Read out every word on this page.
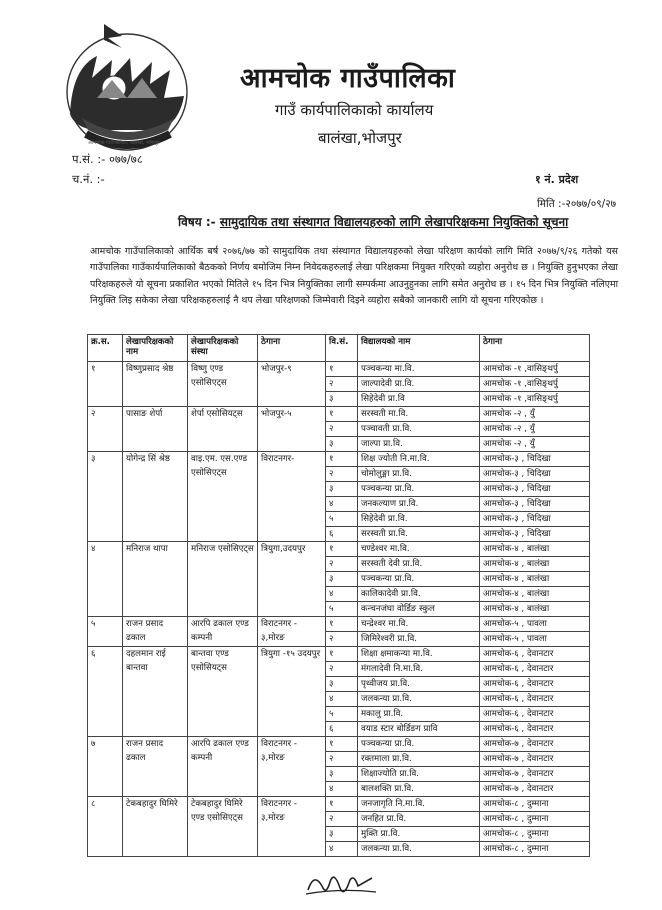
आमचोक गाउँपालिका, बालंखा, भोजपुर
आमचोक गाउँपालिका
गाउँ कार्यपालिकाको कार्यालय
बालंखा,भोजपुर
प.सं. :- ०७७/७८
च.नं. :-	१ नं. प्रदेश
मिति :-२०७७/०९/२७
विषय :- सामुदायिक तथा संस्थागत विद्यालयहरुको लागि लेखापरिक्षकमा नियुक्तिको सूचना
आमचोक गाउँपालिकाको आर्थिक बर्ष २०७६/७७ को सामुदायिक तथा संस्थागत विद्यालयहरुको लेखा परिक्षण कार्यको लागि मिति २०७७/९/२६ गतेको यस गाउँपालिका गाउँकार्यपालिकाको बैठकको निर्णय बमोजिम निम्न निवेदकहरुलाई लेखा परिक्षकमा नियुक्त गरिएको व्यहोरा अनुरोध छ । नियुक्ति हुनुभएका लेखा परिक्षकहरुले यो सूचना प्रकाशित भएको मितिले १५ दिन भित्र नियुक्तिका लागी सम्पर्कमा आउनुहुनका लागि समेत अनुरोध छ । १५ दिन भित्र नियुक्ति नलिएमा नियुक्ति लिइ सकेका लेखा परिक्षकहरुलाई नै थप लेखा परिक्षणको जिम्मेवारी दिइने व्यहोरा सबैको जानकारी लागि यो सूचना गरिएकोछ ।
क्र.स.	लेखापरिक्षकको नाम	लेखापरिक्षकको संस्था	ठेगाना	वि.सं.	विद्यालयको नाम	ठेगाना
१	विष्णुप्रसाद श्रेष्ठ	विष्णु एण्ड एसोसिएट्स	भोजपुर-९	१	पञ्चकन्या मा.वि.	आमचोक -१ ,वासिङ्थर्पु
				२	जाल्पादेवी प्रा.वि.	आमचोक -१ ,वासिङ्थर्पु
				३	सिहेदेवी प्रा.वि	आमचोक -१ ,वासिङ्थर्पु
२	पासाङ शेर्पा	शेर्पा एसोसियट्स	भोजपुर-५	१	सरस्वती मा.वि.	आमचोक -२ , युँ
				२	पञ्चावती प्रा.वि.	आमचोक -२ , युँ
				३	जाल्पा प्रा.वि.	आमचोक -२ , युँ
३	योगेन्द्र सिं श्रेष्ठ	वाइ.एम. एस.एण्ड एसोसिएट्स	विराटनगर-	१	शिक्ष ज्योती नि.मा.वि.	आमचोक-३ , चिदिखा
				२	चोमोलुङ्मा प्रा.वि.	आमचोक-३ , चिदिखा
				३	पञ्चकन्या प्रा.वि.	आमचोक-३ , चिदिखा
				४	जनकल्याण प्रा.वि.	आमचोक-३ , चिदिखा
				५	सिहेदेवी प्रा.वि.	आमचोक-३ , चिदिखा
				६	सरस्वती प्रा.वि.	आमचोक-३ , चिदिखा
४	मनिराज थापा	मनिराज एसोसिएट्स	त्रियुगा,उदयपुर	१	चण्डेश्वर मा.वि.	आमचोक-४ , बालंखा
				२	सरस्वती देवी प्रा.वि.	आमचोक-४ , बालंखा
				३	पञ्चकन्या प्रा.वि.	आमचोक-४ , बालंखा
				४	कालिकादेवी प्रा.वि.	आमचोक-४ , बालंखा
				५	कन्चनजंघा वोर्डिङ स्कुल	आमचोक-४ , बालंखा
५	राजन प्रसाद ढकाल	आरपि ढकाल एण्ड कम्पनी	विराटनगर - ३,मोरङ	१	चन्द्रेश्वर मा.वि.	आमचोक-५ , पावला
				२	जिमिरेश्वरी प्रा.वि.	आमचोक-५ , पावला
६	दहलमान राई बान्तवा	बान्तवा एण्ड एसोसियट्स	त्रियुगा -१५ उदयपुर	१	शिक्षा क्षमाकन्या मा.वि.	आमचोक-६ , देवानटार
				२	मंगलादेवी नि.मा.वि.	आमचोक-६ , देवानटार
				३	पृथ्वीजय प्रा.वि.	आमचोक-६ , देवानटार
				४	जलकन्या प्रा.वि.	आमचोक-६ , देवानटार
				५	मकालु प्रा.वि.	आमचोक-६ , देवानटार
				६	वयाड स्टार बोर्डिङग प्रावि	आमचोक-६ , देवानटार
७	राजन प्रसाद ढकाल	आरपि ढकाल एण्ड कम्पनी	विराटनगर - ३,मोरङ	१	पञ्चकन्या प्रा.वि.	आमचोक-७ , देवानटार
				२	रक्तमाला प्रा.वि.	आमचोक-७ , देवानटार
				३	शिक्षाज्योति प्रा.वि.	आमचोक-७ , देवानटार
				४	बालशक्ति प्रा.वि.	आमचोक-७ , देवानटार
८	टेकबहादुर घिमिरे	टेकबहादुर घिमिरे एण्ड एसोसिएट्स	विराटनगर - ३,मोरङ	१	जनजागृति नि.मा.वि.	आमचोक-८ , दुम्माना
				२	जनहित प्रा.वि.	आमचोक-८ , दुम्माना
				३	मुक्ति प्रा.वि.	आमचोक-८ , दुम्माना
				४	जलकन्या प्रा.वि.	आमचोक-८ , दुम्माना
